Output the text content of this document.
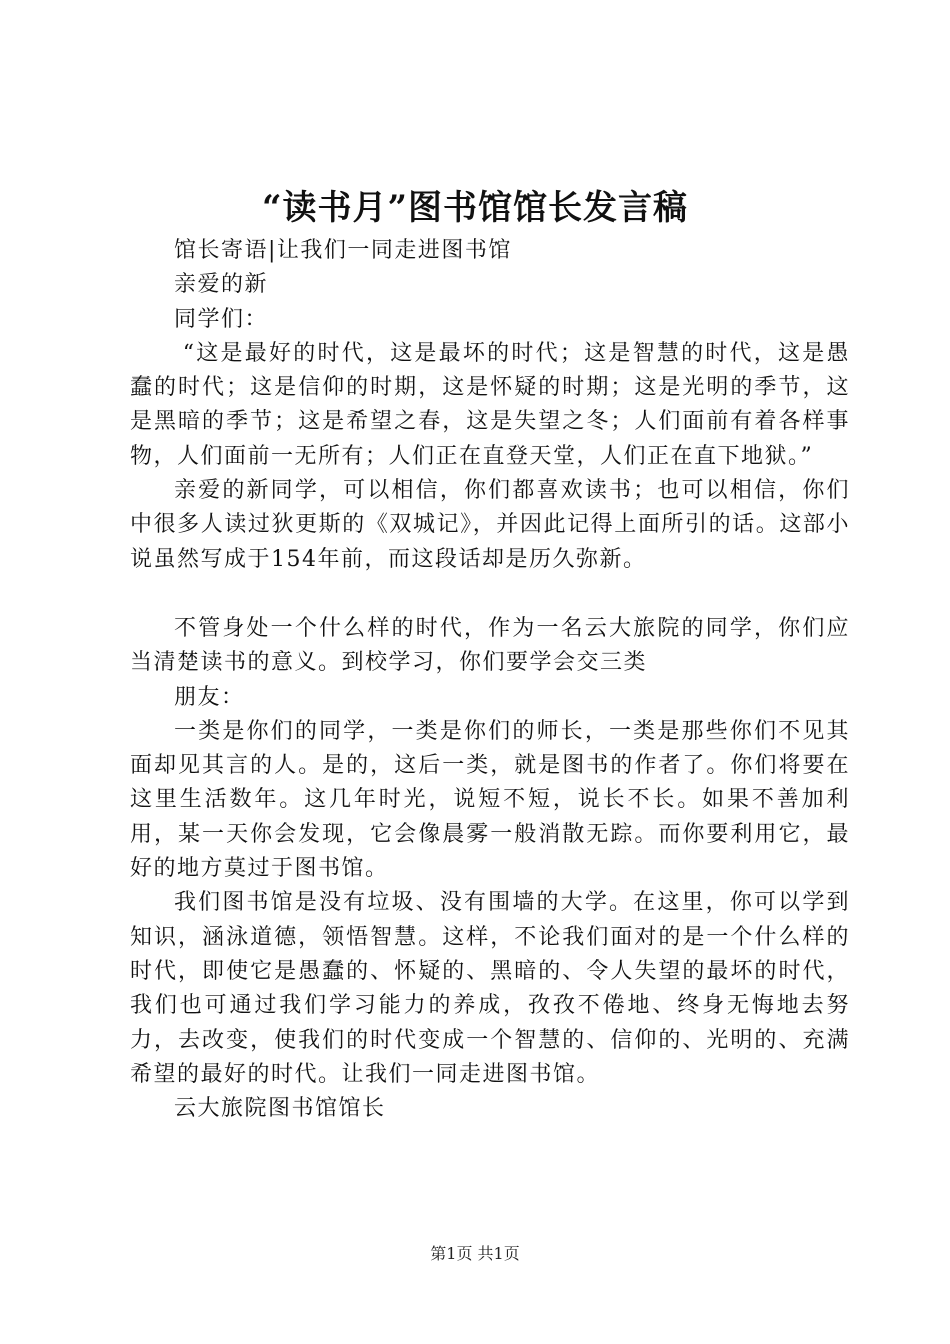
“读书月”图书馆馆长发言稿

馆长寄语|让我们一同走进图书馆

亲爱的新

同学们：

“这是最好的时代，这是最坏的时代；这是智慧的时代，这是愚蠢的时代；这是信仰的时期，这是怀疑的时期；这是光明的季节，这是黑暗的季节；这是希望之春，这是失望之冬；人们面前有着各样事物，人们面前一无所有；人们正在直登天堂，人们正在直下地狱。”

亲爱的新同学，可以相信，你们都喜欢读书；也可以相信，你们中很多人读过狄更斯的《双城记》，并因此记得上面所引的话。这部小说虽然写成于154年前，而这段话却是历久弥新。

不管身处一个什么样的时代，作为一名云大旅院的同学，你们应当清楚读书的意义。到校学习，你们要学会交三类

朋友：

一类是你们的同学，一类是你们的师长，一类是那些你们不见其面却见其言的人。是的，这后一类，就是图书的作者了。你们将要在这里生活数年。这几年时光，说短不短，说长不长。如果不善加利用，某一天你会发现，它会像晨雾一般消散无踪。而你要利用它，最好的地方莫过于图书馆。

我们图书馆是没有垃圾、没有围墙的大学。在这里，你可以学到知识，涵泳道德，领悟智慧。这样，不论我们面对的是一个什么样的时代，即使它是愚蠢的、怀疑的、黑暗的、令人失望的最坏的时代，我们也可通过我们学习能力的养成，孜孜不倦地、终身无悔地去努力，去改变，使我们的时代变成一个智慧的、信仰的、光明的、充满希望的最好的时代。让我们一同走进图书馆。

云大旅院图书馆馆长

第1页 共1页
